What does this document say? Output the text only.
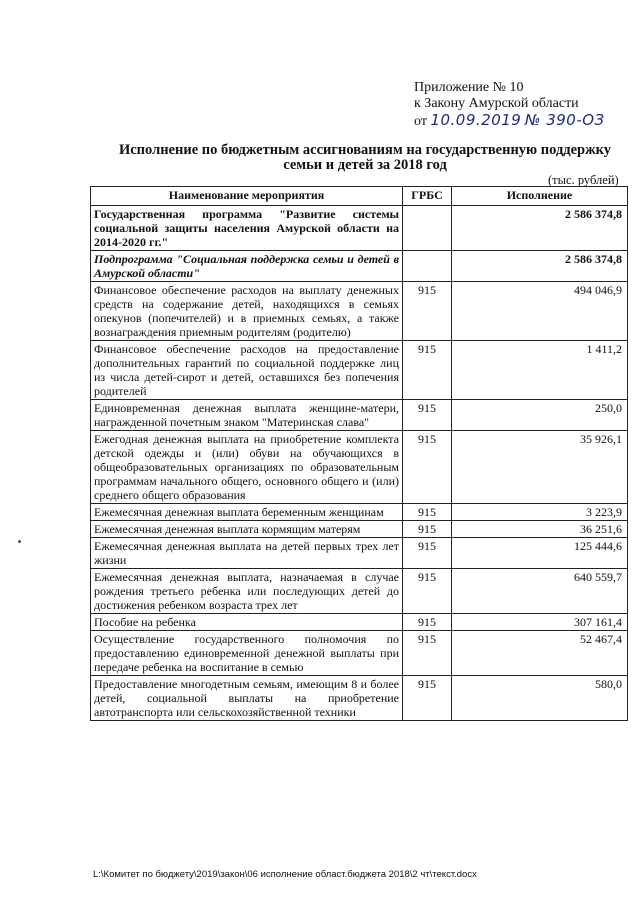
Приложение № 10
к Закону Амурской области
от 10.09.2019 № 390-ОЗ
Исполнение по бюджетным ассигнованиям на государственную поддержку семьи и детей за 2018 год
(тыс. рублей)
Наименование мероприятия	ГРБС	Исполнение
Государственная программа "Развитие системы социальной защиты населения Амурской области на 2014-2020 гг."		2 586 374,8
Подпрограмма "Социальная поддержка семьи и детей в Амурской области"		2 586 374,8
Финансовое обеспечение расходов на выплату денежных средств на содержание детей, находящихся в семьях опекунов (попечителей) и в приемных семьях, а также вознаграждения приемным родителям (родителю)	915	494 046,9
Финансовое обеспечение расходов на предоставление дополнительных гарантий по социальной поддержке лиц из числа детей-сирот и детей, оставшихся без попечения родителей	915	1 411,2
Единовременная денежная выплата женщине-матери, награжденной почетным знаком "Материнская слава"	915	250,0
Ежегодная денежная выплата на приобретение комплекта детской одежды и (или) обуви на обучающихся в общеобразовательных организациях по образовательным программам начального общего, основного общего и (или) среднего общего образования	915	35 926,1
Ежемесячная денежная выплата беременным женщинам	915	3 223,9
Ежемесячная денежная выплата кормящим матерям	915	36 251,6
Ежемесячная денежная выплата на детей первых трех лет жизни	915	125 444,6
Ежемесячная денежная выплата, назначаемая в случае рождения третьего ребенка или последующих детей до достижения ребенком возраста трех лет	915	640 559,7
Пособие на ребенка	915	307 161,4
Осуществление государственного полномочия по предоставлению единовременной денежной выплаты при передаче ребенка на воспитание в семью	915	52 467,4
Предоставление многодетным семьям, имеющим 8 и более детей, социальной выплаты на приобретение автотранспорта или сельскохозяйственной техники	915	580,0
L:\Комитет по бюджету\2019\закон\06 исполнение област.бюджета 2018\2 чт\текст.docx
